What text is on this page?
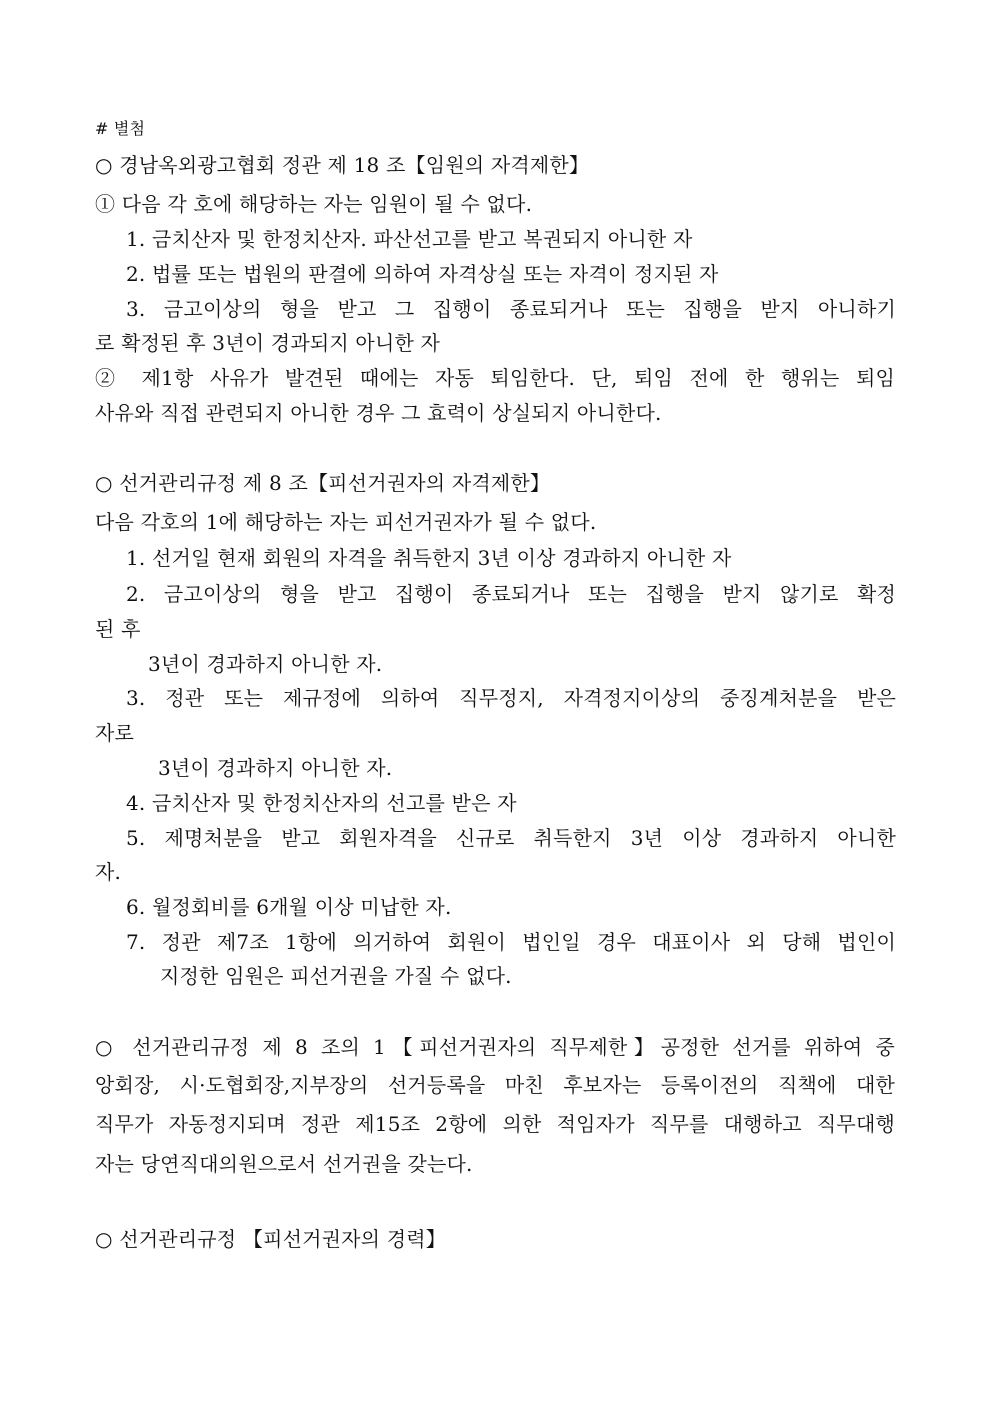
# 별첨
○ 경남옥외광고협회 정관 제 18 조【임원의 자격제한】
① 다음 각 호에 해당하는 자는 임원이 될 수 없다.
1. 금치산자 및 한정치산자. 파산선고를 받고 복권되지 아니한 자
2. 법률 또는 법원의 판결에 의하여 자격상실 또는 자격이 정지된 자
3. 금고이상의 형을 받고 그 집행이 종료되거나 또는 집행을 받지 아니하기
로 확정된 후 3년이 경과되지 아니한 자
② 제1항 사유가 발견된 때에는 자동 퇴임한다. 단, 퇴임 전에 한 행위는 퇴임
사유와 직접 관련되지 아니한 경우 그 효력이 상실되지 아니한다.
○ 선거관리규정 제 8 조【피선거권자의 자격제한】
다음 각호의 1에 해당하는 자는 피선거권자가 될 수 없다.
1. 선거일 현재 회원의 자격을 취득한지 3년 이상 경과하지 아니한 자
2. 금고이상의 형을 받고 집행이 종료되거나 또는 집행을 받지 않기로 확정
된 후
3년이 경과하지 아니한 자.
3. 정관 또는 제규정에 의하여 직무정지, 자격정지이상의 중징계처분을 받은
자로
3년이 경과하지 아니한 자.
4. 금치산자 및 한정치산자의 선고를 받은 자
5. 제명처분을 받고 회원자격을 신규로 취득한지 3년 이상 경과하지 아니한
자.
6. 월정회비를 6개월 이상 미납한 자.
7. 정관 제7조 1항에 의거하여 회원이 법인일 경우 대표이사 외 당해 법인이
지정한 임원은 피선거권을 가질 수 없다.
○ 선거관리규정 제 8 조의 1【피선거권자의 직무제한】공정한 선거를 위하여 중
앙회장, 시·도협회장,지부장의 선거등록을 마친 후보자는 등록이전의 직책에 대한
직무가 자동정지되며 정관 제15조 2항에 의한 적임자가 직무를 대행하고 직무대행
자는 당연직대의원으로서 선거권을 갖는다.
○ 선거관리규정 【피선거권자의 경력】
